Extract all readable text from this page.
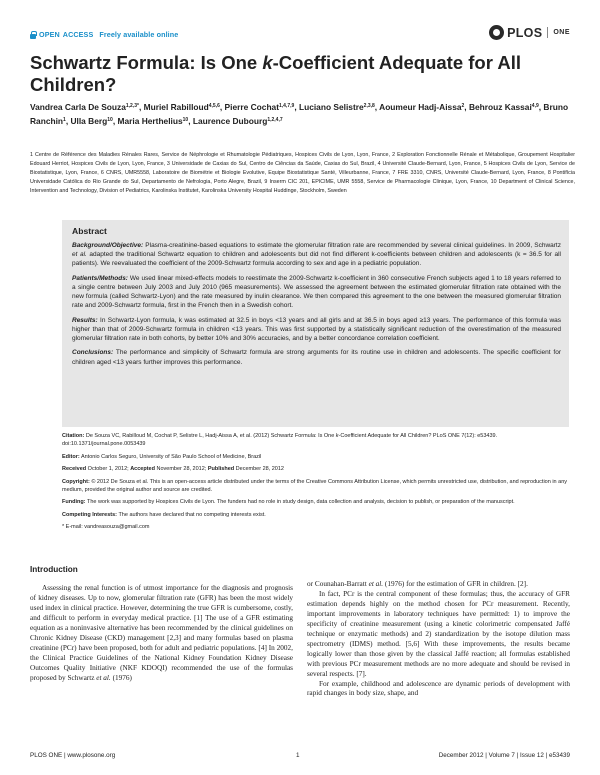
OPEN ACCESS Freely available online	PLOS ONE
Schwartz Formula: Is One k-Coefficient Adequate for All Children?
Vandrea Carla De Souza$^{1,2,3*}$, Muriel Rabilloud$^{4,5,6}$, Pierre Cochat$^{1,4,7,9}$, Luciano Selistre$^{2,3,8}$, Aoumeur Hadj-Aissa$^2$, Behrouz Kassai$^{4,9}$, Bruno Ranchin$^1$, Ulla Berg$^{10}$, Maria Herthelius$^{10}$, Laurence Dubourg$^{1,2,4,7}$

1 Centre de Référence des Maladies Rénales Rares, Service de Néphrologie et Rhumatologie Pédiatriques, Hospices Civils de Lyon, Lyon, France, 2 Exploration Fonctionnelle Rénale et Métabolique, Groupement Hospitalier Edouard Herriot, Hospices Civils de Lyon, Lyon, France, 3 Universidade de Caxias do Sul, Centro de Ciências da Saúde, Caxias do Sul, Brazil, 4 Université Claude-Bernard, Lyon, France, 5 Hospices Civils de Lyon, Service de Biostatistique, Lyon, France, 6 CNRS, UMR5558, Laboratoire de Biométrie et Biologie Evolutive, Equipe Biostatistique Santé, Villeurbanne, France, 7 FRE 3310, CNRS, Université Claude-Bernard, Lyon, France, 8 Pontifícia Universidade Católica do Rio Grande do Sul, Departamento de Nefrologia, Porto Alegre, Brazil, 9 Inserm CIC 201, EPICIME, UMR 5558, Service de Pharmacologie Clinique, Lyon, France, 10 Department of Clinical Science, Intervention and Technology, Division of Pediatrics, Karolinska Institutet, Karolinska University Hospital Huddinge, Stockholm, Sweden

Abstract

Background/Objective: Plasma-creatinine-based equations to estimate the glomerular filtration rate are recommended by several clinical guidelines. In 2009, Schwartz et al. adapted the traditional Schwartz equation to children and adolescents but did not find different k-coefficients between children and adolescents (k = 36.5 for all patients). We reevaluated the coefficient of the 2009-Schwartz formula according to sex and age in a pediatric population.

Patients/Methods: We used linear mixed-effects models to reestimate the 2009-Schwartz k-coefficient in 360 consecutive French subjects aged 1 to 18 years referred to a single centre between July 2003 and July 2010 (965 measurements). We assessed the agreement between the estimated glomerular filtration rate obtained with the new formula (called Schwartz-Lyon) and the rate measured by inulin clearance. We then compared this agreement to the one between the measured glomerular filtration rate and 2009-Schwartz formula, first in the French then in a Swedish cohort.

Results: In Schwartz-Lyon formula, k was estimated at 32.5 in boys <13 years and all girls and at 36.5 in boys aged ≥13 years. The performance of this formula was higher than that of 2009-Schwartz formula in children <13 years. This was first supported by a statistically significant reduction of the overestimation of the measured glomerular filtration rate in both cohorts, by better 10% and 30% accuracies, and by a better concordance correlation coefficient.

Conclusions: The performance and simplicity of Schwartz formula are strong arguments for its routine use in children and adolescents. The specific coefficient for children aged <13 years further improves this performance.

Citation: De Souza VC, Rabilloud M, Cochat P, Selistre L, Hadj-Aissa A, et al. (2012) Schwartz Formula: Is One k-Coefficient Adequate for All Children? PLoS ONE 7(12): e53439. doi:10.1371/journal.pone.0053439

Editor: Antonio Carlos Seguro, University of São Paulo School of Medicine, Brazil

Received October 1, 2012; Accepted November 28, 2012; Published December 28, 2012

Copyright: © 2012 De Souza et al. This is an open-access article distributed under the terms of the Creative Commons Attribution License, which permits unrestricted use, distribution, and reproduction in any medium, provided the original author and source are credited.

Funding: The work was supported by Hospices Civils de Lyon. The funders had no role in study design, data collection and analysis, decision to publish, or preparation of the manuscript.

Competing Interests: The authors have declared that no competing interests exist.

* E-mail: vandreasouza@gmail.com

Introduction

Assessing the renal function is of utmost importance for the diagnosis and prognosis of kidney diseases. Up to now, glomerular filtration rate (GFR) has been the most widely used index in clinical practice. However, determining the true GFR is cumbersome, costly, and difficult to perform in everyday medical practice. [1] The use of a GFR estimating equation as a noninvasive alternative has been recommended by the clinical guidelines on Chronic Kidney Disease (CKD) management [2,3] and many formulas based on plasma creatinine (PCr) have been proposed, both for adult and pediatric populations. [4] In 2002, the Clinical Practice Guidelines of the National Kidney Foundation Kidney Disease Outcomes Quality Initiative (NKF KDOQI) recommended the use of the formulas proposed by Schwartz et al. (1976)

or Counahan-Barratt et al. (1976) for the estimation of GFR in children. [2].

In fact, PCr is the central component of these formulas; thus, the accuracy of GFR estimation depends highly on the method chosen for PCr measurement. Recently, important improvements in laboratory techniques have permitted: 1) to improve the specificity of creatinine measurement (using a kinetic colorimetric compensated Jaffé technique or enzymatic methods) and 2) standardization by the isotope dilution mass spectrometry (IDMS) method. [5,6] With these improvements, the results became logically lower than those given by the classical Jaffé reaction; all formulas established with previous PCr measurement methods are no more adequate and should be revised in several respects. [7].

For example, childhood and adolescence are dynamic periods of development with rapid changes in body size, shape, and

PLOS ONE | www.plosone.org	1	December 2012 | Volume 7 | Issue 12 | e53439
